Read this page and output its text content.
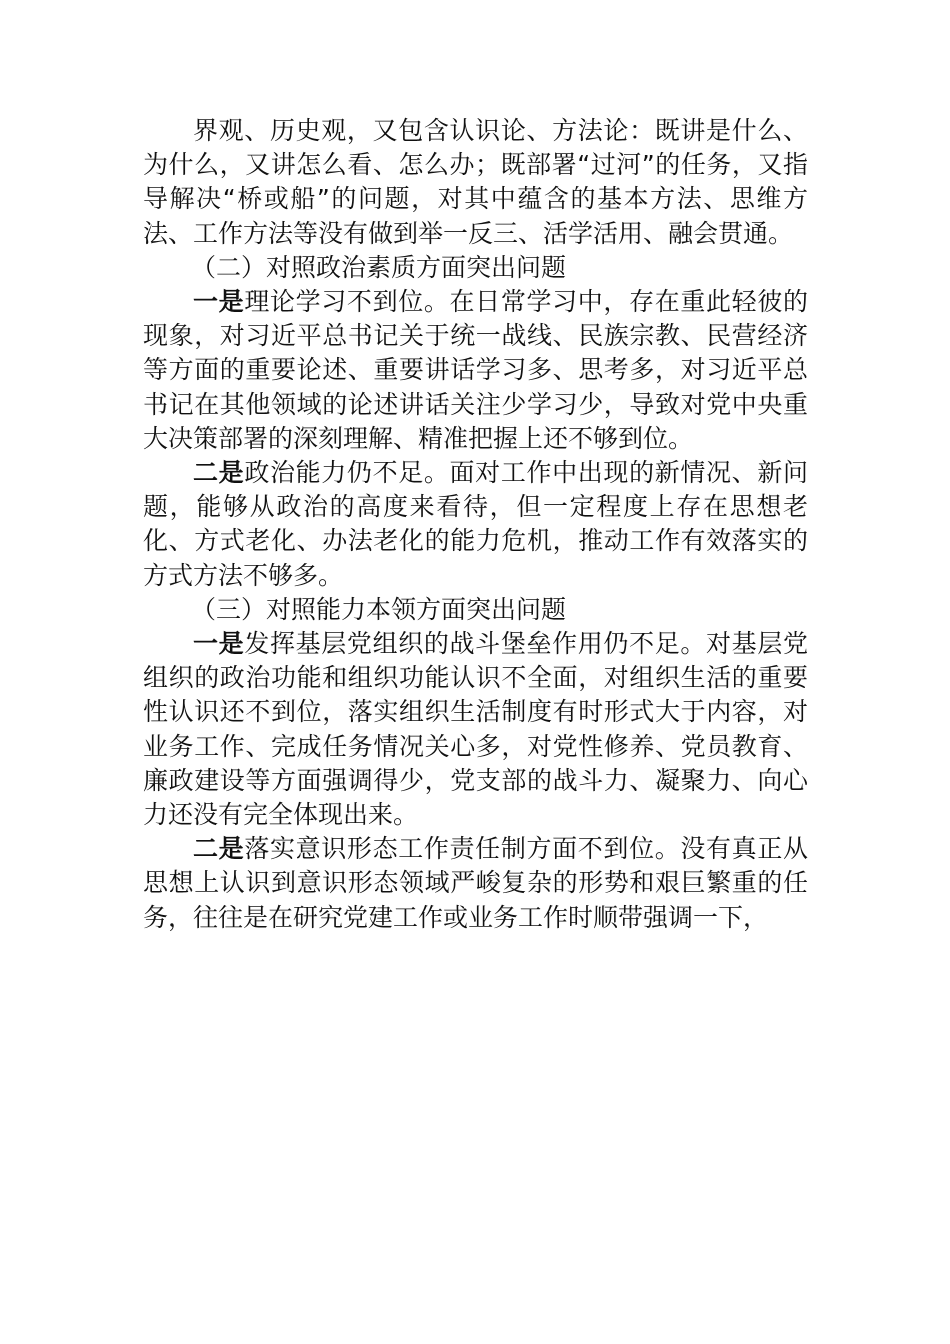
界观、历史观，又包含认识论、方法论：既讲是什么、为什么，又讲怎么看、怎么办；既部署“过河”的任务，又指导解决“桥或船”的问题，对其中蕴含的基本方法、思维方法、工作方法等没有做到举一反三、活学活用、融会贯通。

（二）对照政治素质方面突出问题

一是理论学习不到位。在日常学习中，存在重此轻彼的现象，对习近平总书记关于统一战线、民族宗教、民营经济等方面的重要论述、重要讲话学习多、思考多，对习近平总书记在其他领域的论述讲话关注少学习少，导致对党中央重大决策部署的深刻理解、精准把握上还不够到位。

二是政治能力仍不足。面对工作中出现的新情况、新问题，能够从政治的高度来看待，但一定程度上存在思想老化、方式老化、办法老化的能力危机，推动工作有效落实的方式方法不够多。

（三）对照能力本领方面突出问题

一是发挥基层党组织的战斗堡垒作用仍不足。对基层党组织的政治功能和组织功能认识不全面，对组织生活的重要性认识还不到位，落实组织生活制度有时形式大于内容，对业务工作、完成任务情况关心多，对党性修养、党员教育、廉政建设等方面强调得少，党支部的战斗力、凝聚力、向心力还没有完全体现出来。

二是落实意识形态工作责任制方面不到位。没有真正从思想上认识到意识形态领域严峻复杂的形势和艰巨繁重的任务，往往是在研究党建工作或业务工作时顺带强调一下，
